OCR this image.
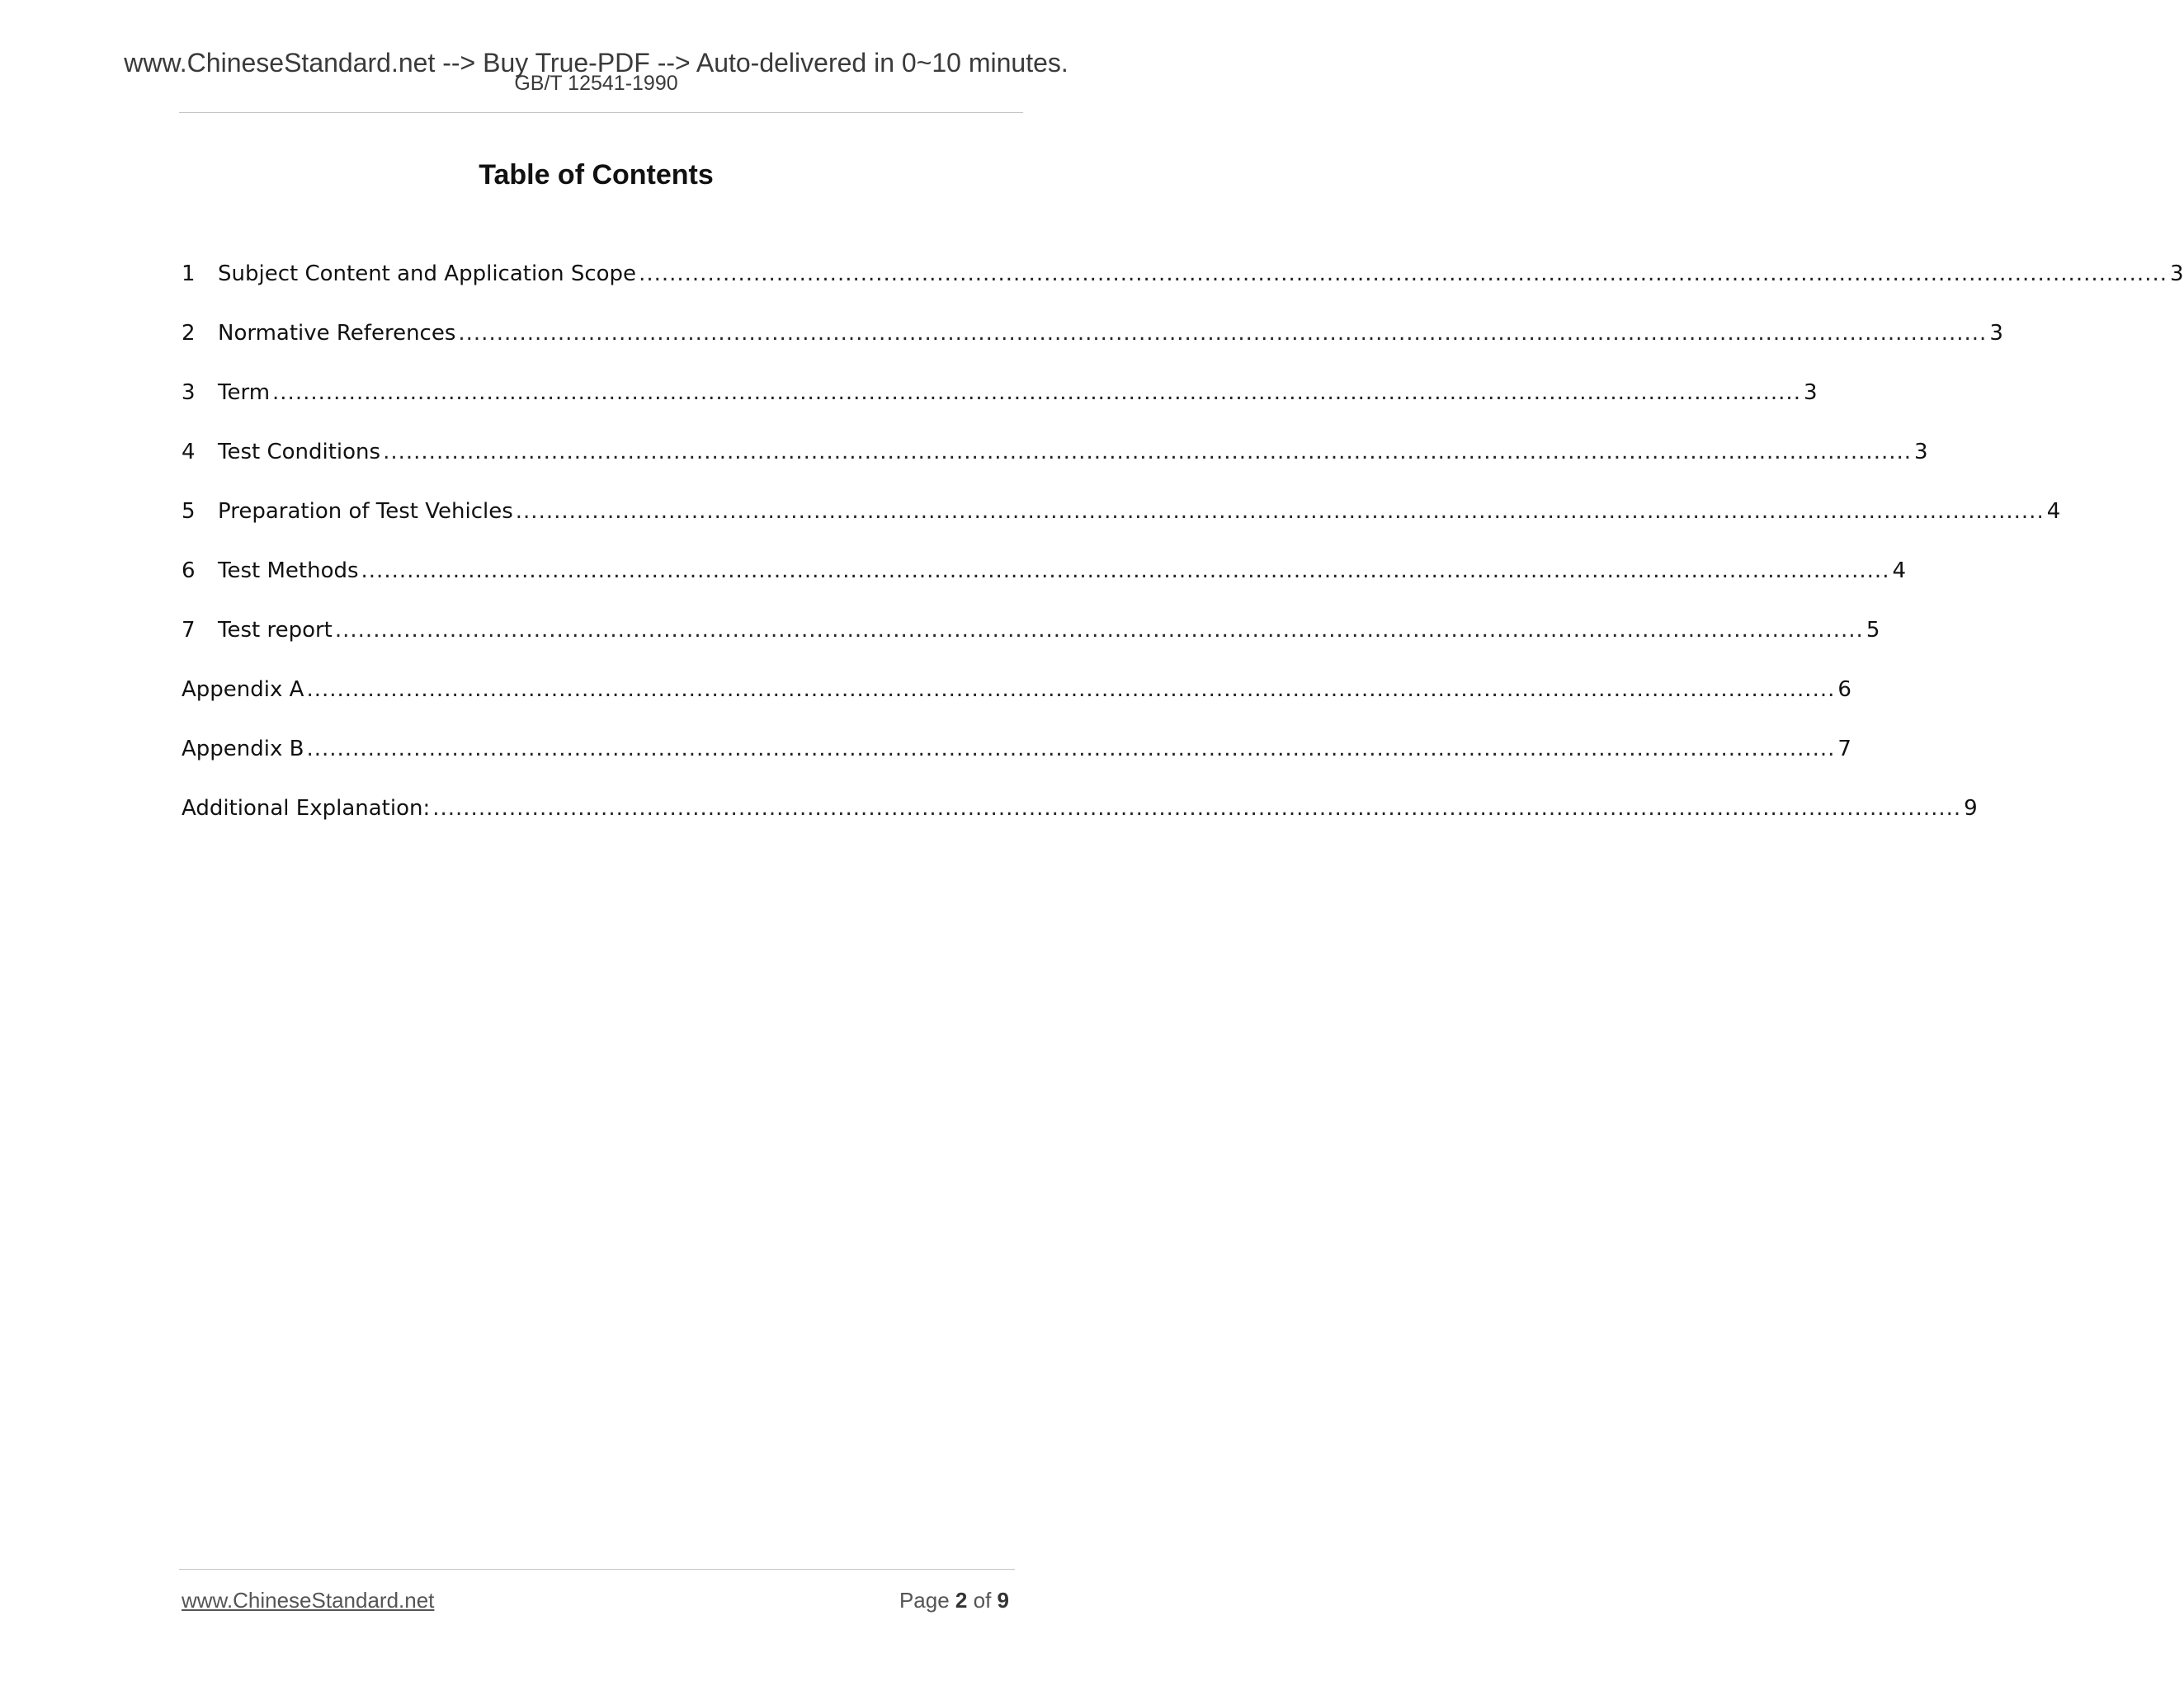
www.ChineseStandard.net --> Buy True-PDF --> Auto-delivered in 0~10 minutes.
GB/T 12541-1990
Table of Contents
1	Subject Content and Application Scope ........................................................................................................................................................................................................ 3
2	Normative References ........................................................................................................................................................................................................ 3
3	Term ........................................................................................................................................................................................................ 3
4	Test Conditions ........................................................................................................................................................................................................ 3
5	Preparation of Test Vehicles ........................................................................................................................................................................................................ 4
6	Test Methods ........................................................................................................................................................................................................ 4
7	Test report ........................................................................................................................................................................................................ 5
Appendix A ........................................................................................................................................................................................................ 6
Appendix B ........................................................................................................................................................................................................ 7
Additional Explanation: ........................................................................................................................................................................................................ 9
www.ChineseStandard.net	Page 2 of 9
